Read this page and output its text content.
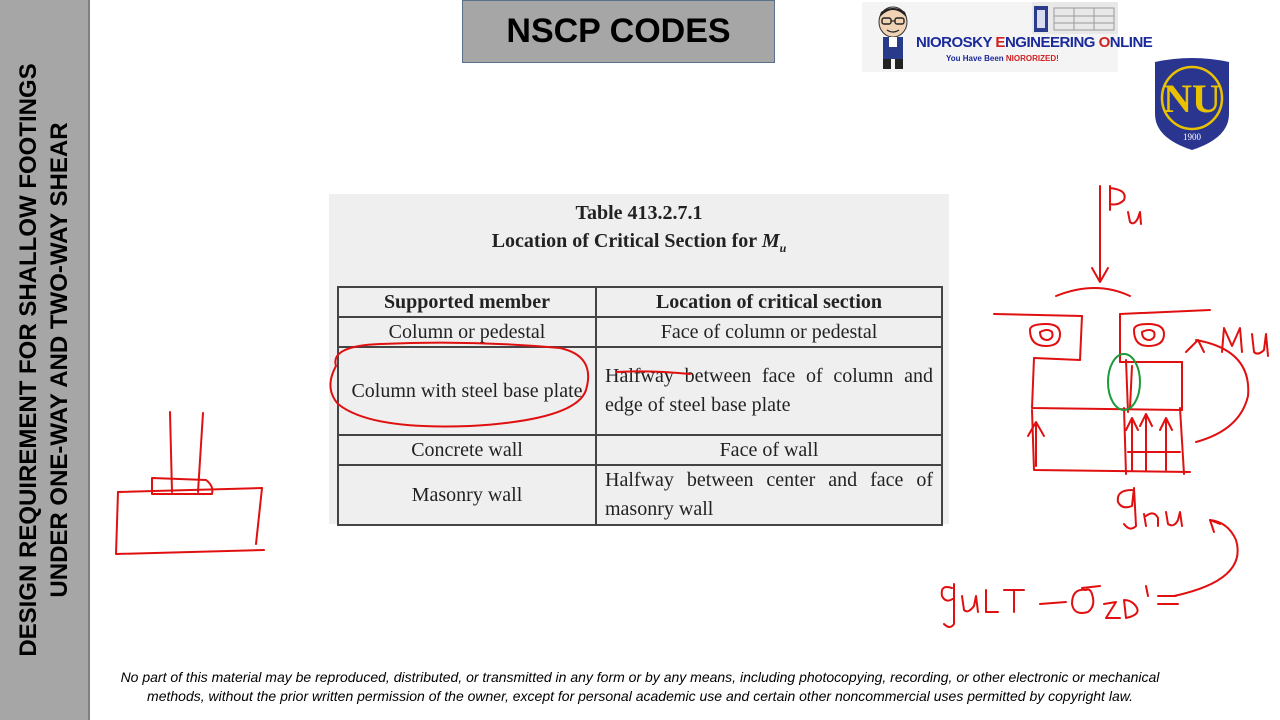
DESIGN REQUIREMENT FOR SHALLOW FOOTINGS UNDER ONE-WAY AND TWO-WAY SHEAR
NSCP CODES	NIOROSKY ENGINEERING ONLINE
You Have Been NIORORIZED!
NU
1900
Table 413.2.7.1
Location of Critical Section for $M_u$
Supported member	Location of critical section
Column or pedestal	Face of column or pedestal
Column with steel base plate	Halfway between face of column and edge of steel base plate
Concrete wall	Face of wall
Masonry wall	Halfway between center and face of masonry wall
No part of this material may be reproduced, distributed, or transmitted in any form or by any means, including photocopying, recording, or other electronic or mechanical
methods, without the prior written permission of the owner, except for personal academic use and certain other noncommercial uses permitted by copyright law.
